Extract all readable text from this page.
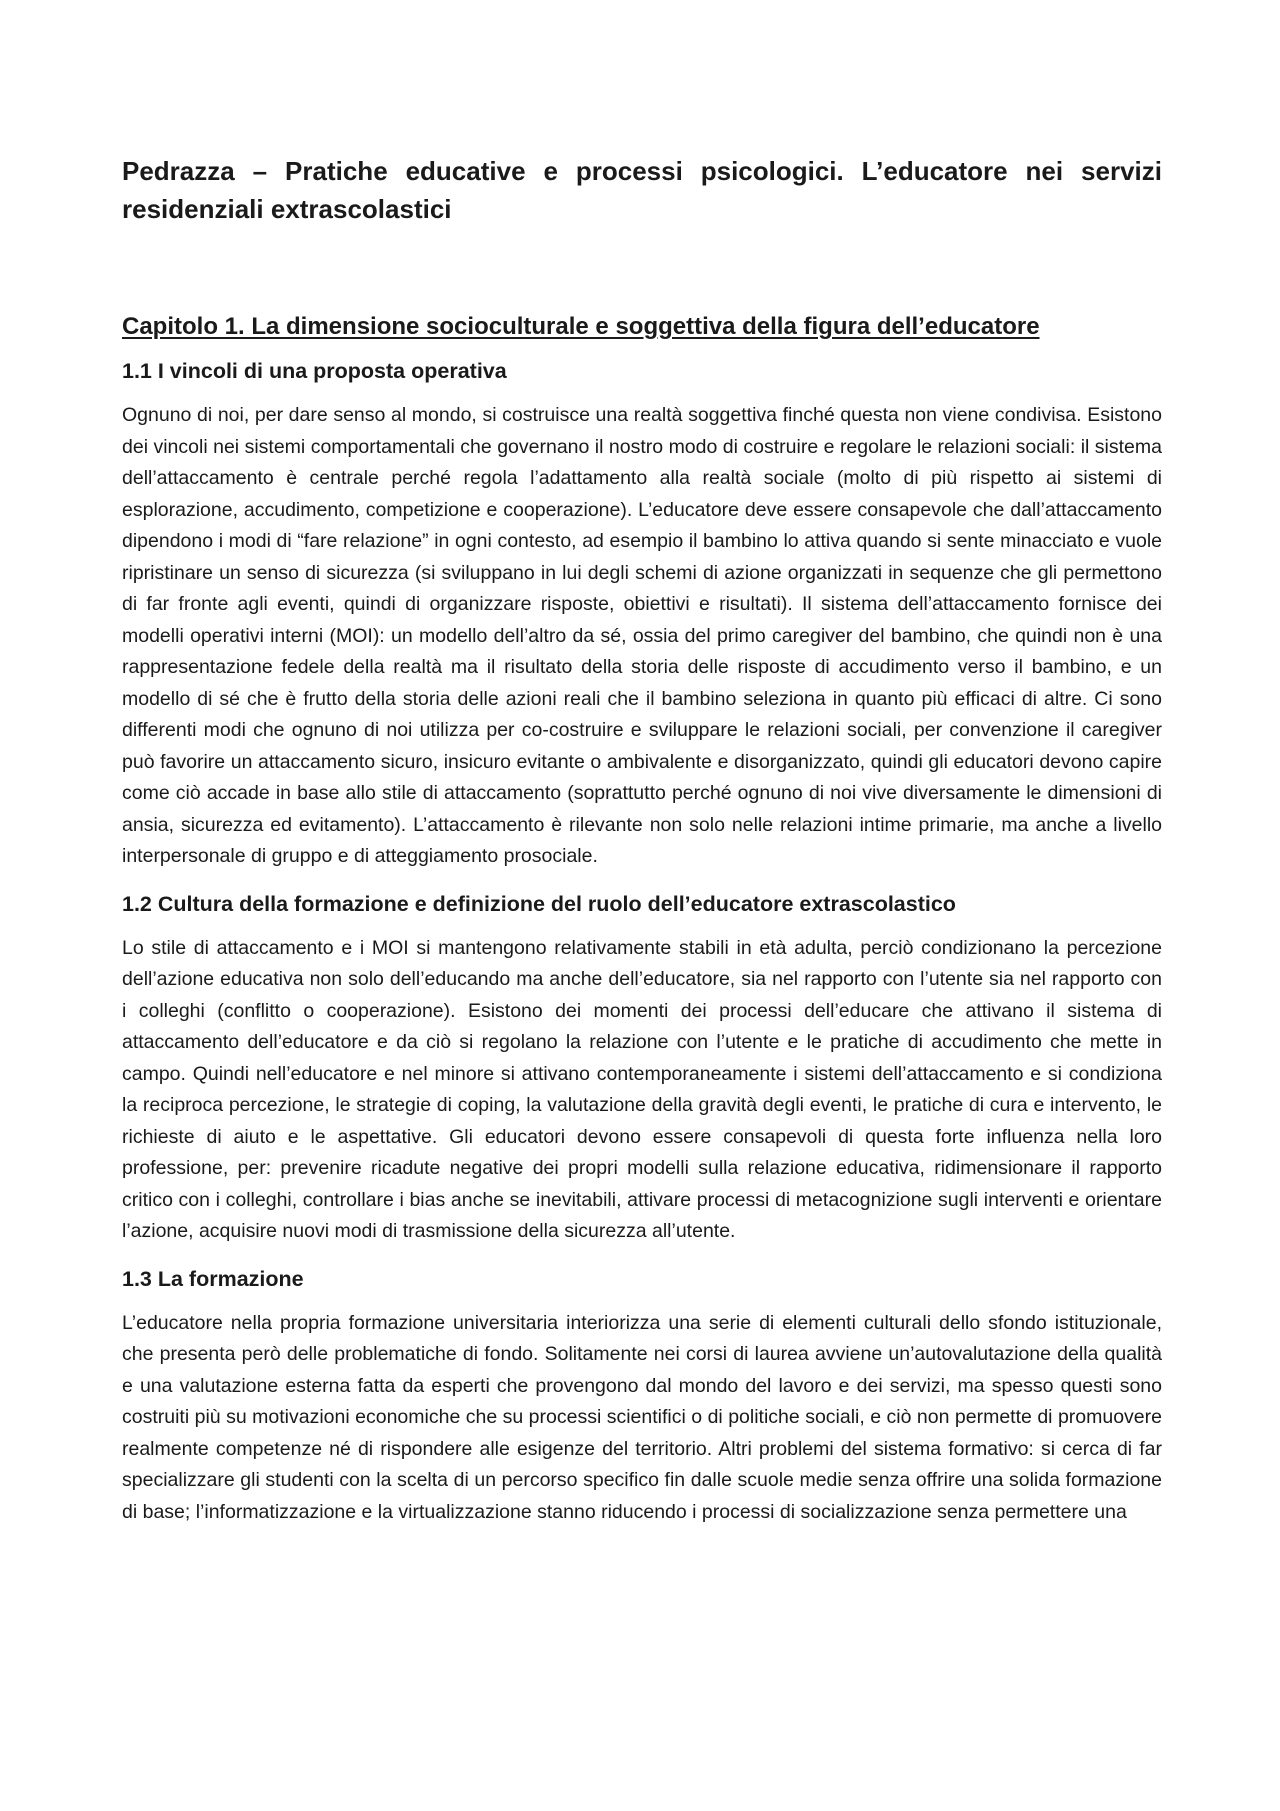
Pedrazza – Pratiche educative e processi psicologici. L’educatore nei servizi residenziali extrascolastici
Capitolo 1. La dimensione socioculturale e soggettiva della figura dell’educatore
1.1 I vincoli di una proposta operativa

Ognuno di noi, per dare senso al mondo, si costruisce una realtà soggettiva finché questa non viene condivisa. Esistono dei vincoli nei sistemi comportamentali che governano il nostro modo di costruire e regolare le relazioni sociali: il sistema dell’attaccamento è centrale perché regola l’adattamento alla realtà sociale (molto di più rispetto ai sistemi di esplorazione, accudimento, competizione e cooperazione). L’educatore deve essere consapevole che dall’attaccamento dipendono i modi di “fare relazione” in ogni contesto, ad esempio il bambino lo attiva quando si sente minacciato e vuole ripristinare un senso di sicurezza (si sviluppano in lui degli schemi di azione organizzati in sequenze che gli permettono di far fronte agli eventi, quindi di organizzare risposte, obiettivi e risultati). Il sistema dell’attaccamento fornisce dei modelli operativi interni (MOI): un modello dell’altro da sé, ossia del primo caregiver del bambino, che quindi non è una rappresentazione fedele della realtà ma il risultato della storia delle risposte di accudimento verso il bambino, e un modello di sé che è frutto della storia delle azioni reali che il bambino seleziona in quanto più efficaci di altre. Ci sono differenti modi che ognuno di noi utilizza per co-costruire e sviluppare le relazioni sociali, per convenzione il caregiver può favorire un attaccamento sicuro, insicuro evitante o ambivalente e disorganizzato, quindi gli educatori devono capire come ciò accade in base allo stile di attaccamento (soprattutto perché ognuno di noi vive diversamente le dimensioni di ansia, sicurezza ed evitamento). L’attaccamento è rilevante non solo nelle relazioni intime primarie, ma anche a livello interpersonale di gruppo e di atteggiamento prosociale.

1.2 Cultura della formazione e definizione del ruolo dell’educatore extrascolastico

Lo stile di attaccamento e i MOI si mantengono relativamente stabili in età adulta, perciò condizionano la percezione dell’azione educativa non solo dell’educando ma anche dell’educatore, sia nel rapporto con l’utente sia nel rapporto con i colleghi (conflitto o cooperazione). Esistono dei momenti dei processi dell’educare che attivano il sistema di attaccamento dell’educatore e da ciò si regolano la relazione con l’utente e le pratiche di accudimento che mette in campo. Quindi nell’educatore e nel minore si attivano contemporaneamente i sistemi dell’attaccamento e si condiziona la reciproca percezione, le strategie di coping, la valutazione della gravità degli eventi, le pratiche di cura e intervento, le richieste di aiuto e le aspettative. Gli educatori devono essere consapevoli di questa forte influenza nella loro professione, per: prevenire ricadute negative dei propri modelli sulla relazione educativa, ridimensionare il rapporto critico con i colleghi, controllare i bias anche se inevitabili, attivare processi di metacognizione sugli interventi e orientare l’azione, acquisire nuovi modi di trasmissione della sicurezza all’utente.

1.3 La formazione

L’educatore nella propria formazione universitaria interiorizza una serie di elementi culturali dello sfondo istituzionale, che presenta però delle problematiche di fondo. Solitamente nei corsi di laurea avviene un’autovalutazione della qualità e una valutazione esterna fatta da esperti che provengono dal mondo del lavoro e dei servizi, ma spesso questi sono costruiti più su motivazioni economiche che su processi scientifici o di politiche sociali, e ciò non permette di promuovere realmente competenze né di rispondere alle esigenze del territorio. Altri problemi del sistema formativo: si cerca di far specializzare gli studenti con la scelta di un percorso specifico fin dalle scuole medie senza offrire una solida formazione di base; l’informatizzazione e la virtualizzazione stanno riducendo i processi di socializzazione senza permettere una
